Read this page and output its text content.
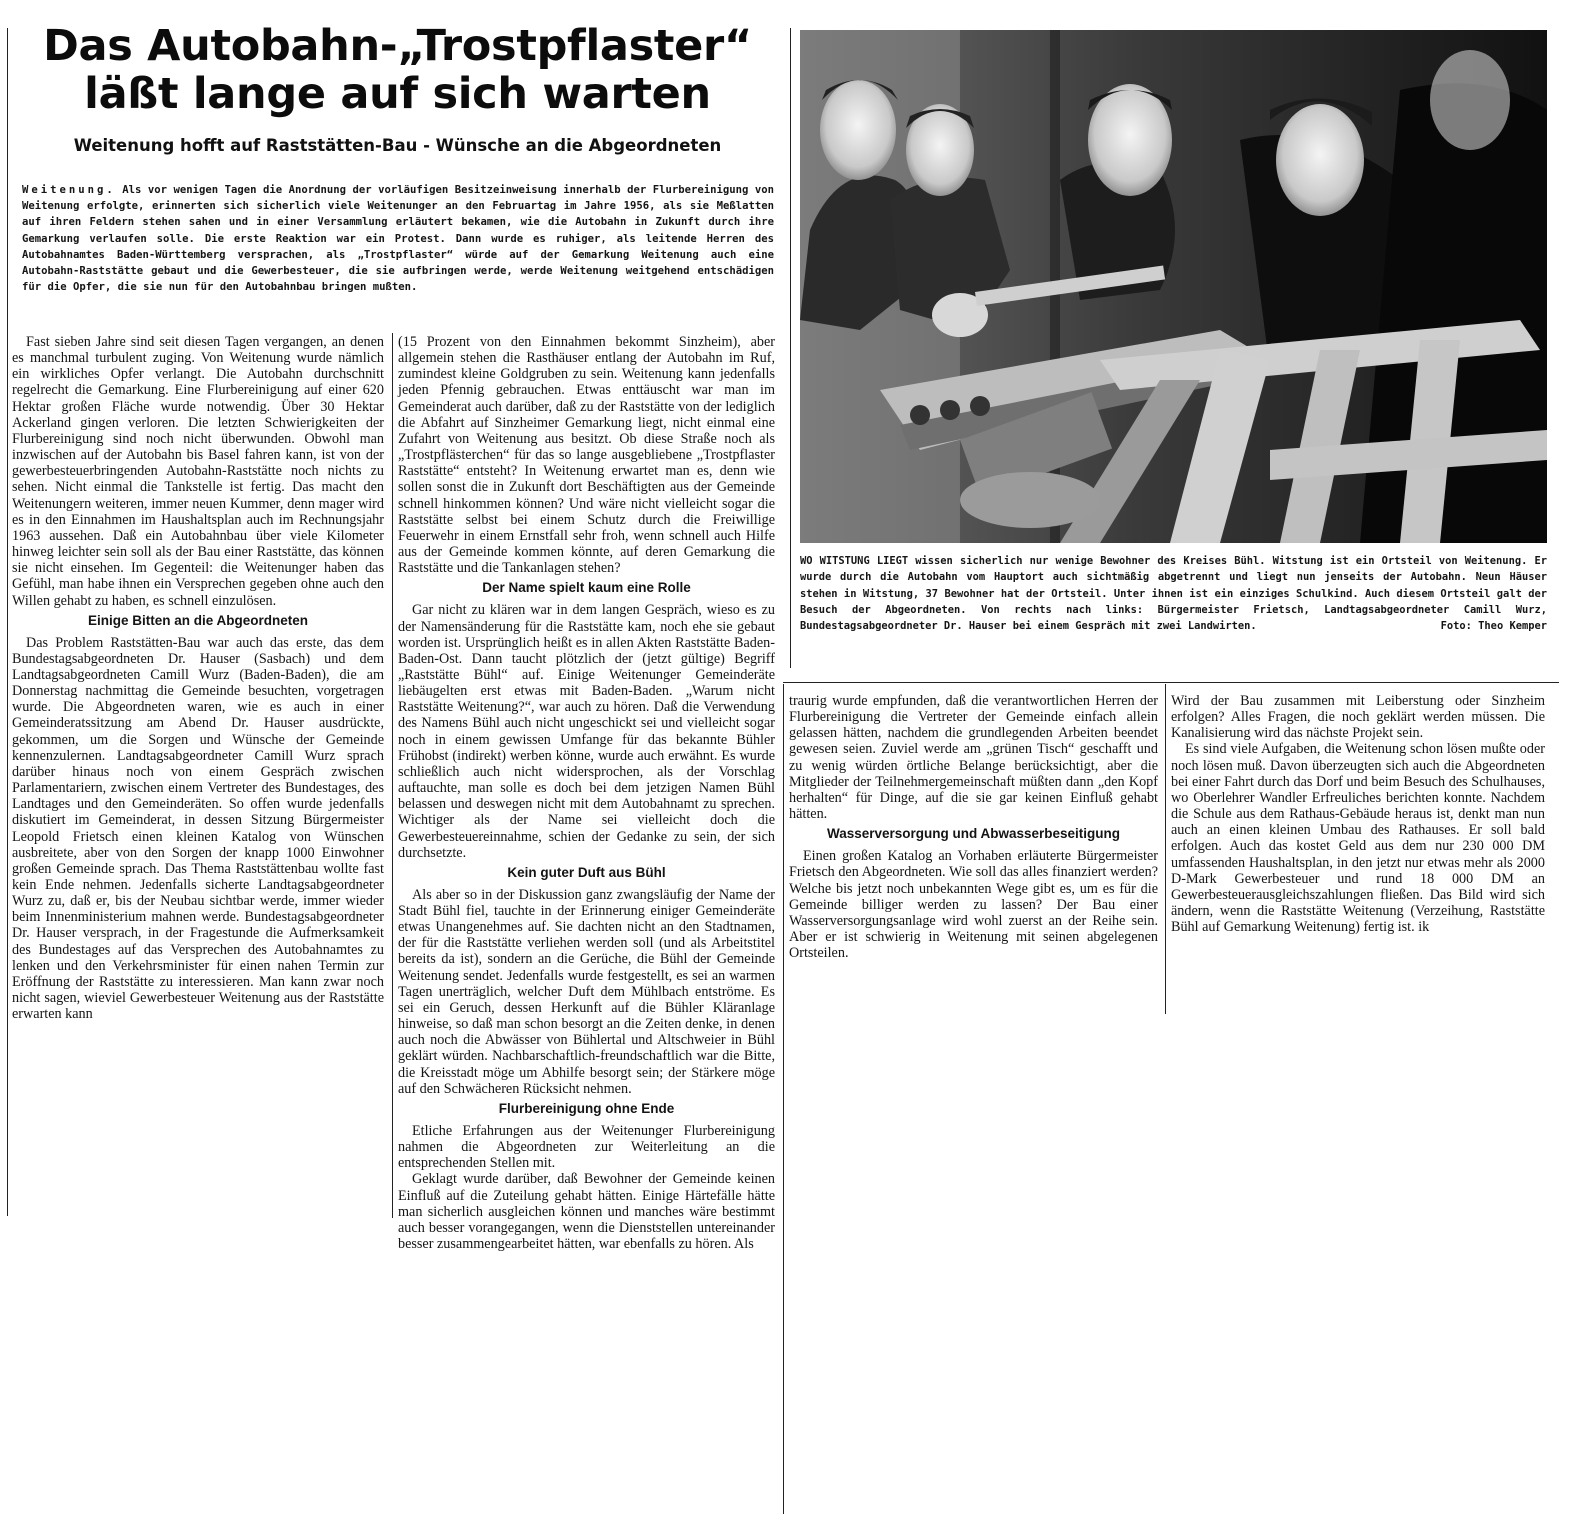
Das Autobahn-„Trostpflaster“
läßt lange auf sich warten
Weitenung hofft auf Raststätten-Bau - Wünsche an die Abgeordneten

Weitenung. Als vor wenigen Tagen die Anordnung der vorläufigen Besitzeinweisung innerhalb der Flurbereinigung von Weitenung erfolgte, erinnerten sich sicherlich viele Weitenunger an den Februartag im Jahre 1956, als sie Meßlatten auf ihren Feldern stehen sahen und in einer Versammlung erläutert bekamen, wie die Autobahn in Zukunft durch ihre Gemarkung verlaufen solle. Die erste Reaktion war ein Protest. Dann wurde es ruhiger, als leitende Herren des Autobahnamtes Baden-Württemberg versprachen, als „Trostpflaster“ würde auf der Gemarkung Weitenung auch eine Autobahn-Raststätte gebaut und die Gewerbesteuer, die sie aufbringen werde, werde Weitenung weitgehend entschädigen für die Opfer, die sie nun für den Autobahnbau bringen mußten.

Fast sieben Jahre sind seit diesen Tagen vergangen, an denen es manchmal turbulent zuging. Von Weitenung wurde nämlich ein wirkliches Opfer verlangt. Die Autobahn durchschnitt regelrecht die Gemarkung. Eine Flurbereinigung auf einer 620 Hektar großen Fläche wurde notwendig. Über 30 Hektar Ackerland gingen verloren. Die letzten Schwierigkeiten der Flurbereinigung sind noch nicht überwunden. Obwohl man inzwischen auf der Autobahn bis Basel fahren kann, ist von der gewerbesteuerbringenden Autobahn-Raststätte noch nichts zu sehen. Nicht einmal die Tankstelle ist fertig. Das macht den Weitenungern weiteren, immer neuen Kummer, denn mager wird es in den Einnahmen im Haushaltsplan auch im Rechnungsjahr 1963 aussehen. Daß ein Autobahnbau über viele Kilometer hinweg leichter sein soll als der Bau einer Raststätte, das können sie nicht einsehen. Im Gegenteil: die Weitenunger haben das Gefühl, man habe ihnen ein Versprechen gegeben ohne auch den Willen gehabt zu haben, es schnell einzulösen.

Einige Bitten an die Abgeordneten

Das Problem Raststätten-Bau war auch das erste, das dem Bundestagsabgeordneten Dr. Hauser (Sasbach) und dem Landtagsabgeordneten Camill Wurz (Baden-Baden), die am Donnerstag nachmittag die Gemeinde besuchten, vorgetragen wurde. Die Abgeordneten waren, wie es auch in einer Gemeinderatssitzung am Abend Dr. Hauser ausdrückte, gekommen, um die Sorgen und Wünsche der Gemeinde kennenzulernen. Landtagsabgeordneter Camill Wurz sprach darüber hinaus noch von einem Gespräch zwischen Parlamentariern, zwischen einem Vertreter des Bundestages, des Landtages und den Gemeinderäten. So offen wurde jedenfalls diskutiert im Gemeinderat, in dessen Sitzung Bürgermeister Leopold Frietsch einen kleinen Katalog von Wünschen ausbreitete, aber von den Sorgen der knapp 1000 Einwohner großen Gemeinde sprach. Das Thema Raststättenbau wollte fast kein Ende nehmen. Jedenfalls sicherte Landtagsabgeordneter Wurz zu, daß er, bis der Neubau sichtbar werde, immer wieder beim Innenministerium mahnen werde. Bundestagsabgeordneter Dr. Hauser versprach, in der Fragestunde die Aufmerksamkeit des Bundestages auf das Versprechen des Autobahnamtes zu lenken und den Verkehrsminister für einen nahen Termin zur Eröffnung der Raststätte zu interessieren. Man kann zwar noch nicht sagen, wieviel Gewerbesteuer Weitenung aus der Raststätte erwarten kann

(15 Prozent von den Einnahmen bekommt Sinzheim), aber allgemein stehen die Rasthäuser entlang der Autobahn im Ruf, zumindest kleine Goldgruben zu sein. Weitenung kann jedenfalls jeden Pfennig gebrauchen. Etwas enttäuscht war man im Gemeinderat auch darüber, daß zu der Raststätte von der lediglich die Abfahrt auf Sinzheimer Gemarkung liegt, nicht einmal eine Zufahrt von Weitenung aus besitzt. Ob diese Straße noch als „Trostpflästerchen“ für das so lange ausgebliebene „Trostpflaster Raststätte“ entsteht? In Weitenung erwartet man es, denn wie sollen sonst die in Zukunft dort Beschäftigten aus der Gemeinde schnell hinkommen können? Und wäre nicht vielleicht sogar die Raststätte selbst bei einem Schutz durch die Freiwillige Feuerwehr in einem Ernstfall sehr froh, wenn schnell auch Hilfe aus der Gemeinde kommen könnte, auf deren Gemarkung die Raststätte und die Tankanlagen stehen?

Der Name spielt kaum eine Rolle

Gar nicht zu klären war in dem langen Gespräch, wieso es zu der Namensänderung für die Raststätte kam, noch ehe sie gebaut worden ist. Ursprünglich heißt es in allen Akten Raststätte Baden-Baden-Ost. Dann taucht plötzlich der (jetzt gültige) Begriff „Raststätte Bühl“ auf. Einige Weitenunger Gemeinderäte liebäugelten erst etwas mit Baden-Baden. „Warum nicht Raststätte Weitenung?“, war auch zu hören. Daß die Verwendung des Namens Bühl auch nicht ungeschickt sei und vielleicht sogar noch in einem gewissen Umfange für das bekannte Bühler Frühobst (indirekt) werben könne, wurde auch erwähnt. Es wurde schließlich auch nicht widersprochen, als der Vorschlag auftauchte, man solle es doch bei dem jetzigen Namen Bühl belassen und deswegen nicht mit dem Autobahnamt zu sprechen. Wichtiger als der Name sei vielleicht doch die Gewerbesteuereinnahme, schien der Gedanke zu sein, der sich durchsetzte.

Kein guter Duft aus Bühl

Als aber so in der Diskussion ganz zwangsläufig der Name der Stadt Bühl fiel, tauchte in der Erinnerung einiger Gemeinderäte etwas Unangenehmes auf. Sie dachten nicht an den Stadtnamen, der für die Raststätte verliehen werden soll (und als Arbeitstitel bereits da ist), sondern an die Gerüche, die Bühl der Gemeinde Weitenung sendet. Jedenfalls wurde festgestellt, es sei an warmen Tagen unerträglich, welcher Duft dem Mühlbach entströme. Es sei ein Geruch, dessen Herkunft auf die Bühler Kläranlage hinweise, so daß man schon besorgt an die Zeiten denke, in denen auch noch die Abwässer von Bühlertal und Altschweier in Bühl geklärt würden. Nachbarschaftlich-freundschaftlich war die Bitte, die Kreisstadt möge um Abhilfe besorgt sein; der Stärkere möge auf den Schwächeren Rücksicht nehmen.

Flurbereinigung ohne Ende

Etliche Erfahrungen aus der Weitenunger Flurbereinigung nahmen die Abgeordneten zur Weiterleitung an die entsprechenden Stellen mit.

Geklagt wurde darüber, daß Bewohner der Gemeinde keinen Einfluß auf die Zuteilung gehabt hätten. Einige Härtefälle hätte man sicherlich ausgleichen können und manches wäre bestimmt auch besser vorangegangen, wenn die Dienststellen untereinander besser zusammengearbeitet hätten, war ebenfalls zu hören. Als

WO WITSTUNG LIEGT wissen sicherlich nur wenige Bewohner des Kreises Bühl. Witstung ist ein Ortsteil von Weitenung. Er wurde durch die Autobahn vom Hauptort auch sichtmäßig abgetrennt und liegt nun jenseits der Autobahn. Neun Häuser stehen in Witstung, 37 Bewohner hat der Ortsteil. Unter ihnen ist ein einziges Schulkind. Auch diesem Ortsteil galt der Besuch der Abgeordneten. Von rechts nach links: Bürgermeister Frietsch, Landtagsabgeordneter Camill Wurz, Bundestagsabgeordneter Dr. Hauser bei einem Gespräch mit zwei Landwirten.	Foto: Theo Kemper

traurig wurde empfunden, daß die verantwortlichen Herren der Flurbereinigung die Vertreter der Gemeinde einfach allein gelassen hätten, nachdem die grundlegenden Arbeiten beendet gewesen seien. Zuviel werde am „grünen Tisch“ geschafft und zu wenig würden örtliche Belange berücksichtigt, aber die Mitglieder der Teilnehmergemeinschaft müßten dann „den Kopf herhalten“ für Dinge, auf die sie gar keinen Einfluß gehabt hätten.

Wasserversorgung und Abwasserbeseitigung

Einen großen Katalog an Vorhaben erläuterte Bürgermeister Frietsch den Abgeordneten. Wie soll das alles finanziert werden? Welche bis jetzt noch unbekannten Wege gibt es, um es für die Gemeinde billiger werden zu lassen? Der Bau einer Wasserversorgungsanlage wird wohl zuerst an der Reihe sein. Aber er ist schwierig in Weitenung mit seinen abgelegenen Ortsteilen.

Wird der Bau zusammen mit Leiberstung oder Sinzheim erfolgen? Alles Fragen, die noch geklärt werden müssen. Die Kanalisierung wird das nächste Projekt sein.

Es sind viele Aufgaben, die Weitenung schon lösen mußte oder noch lösen muß. Davon überzeugten sich auch die Abgeordneten bei einer Fahrt durch das Dorf und beim Besuch des Schulhauses, wo Oberlehrer Wandler Erfreuliches berichten konnte. Nachdem die Schule aus dem Rathaus-Gebäude heraus ist, denkt man nun auch an einen kleinen Umbau des Rathauses. Er soll bald erfolgen. Auch das kostet Geld aus dem nur 230 000 DM umfassenden Haushaltsplan, in den jetzt nur etwas mehr als 2000 D-Mark Gewerbesteuer und rund 18 000 DM an Gewerbesteuerausgleichszahlungen fließen. Das Bild wird sich ändern, wenn die Raststätte Weitenung (Verzeihung, Raststätte Bühl auf Gemarkung Weitenung) fertig ist. ik
